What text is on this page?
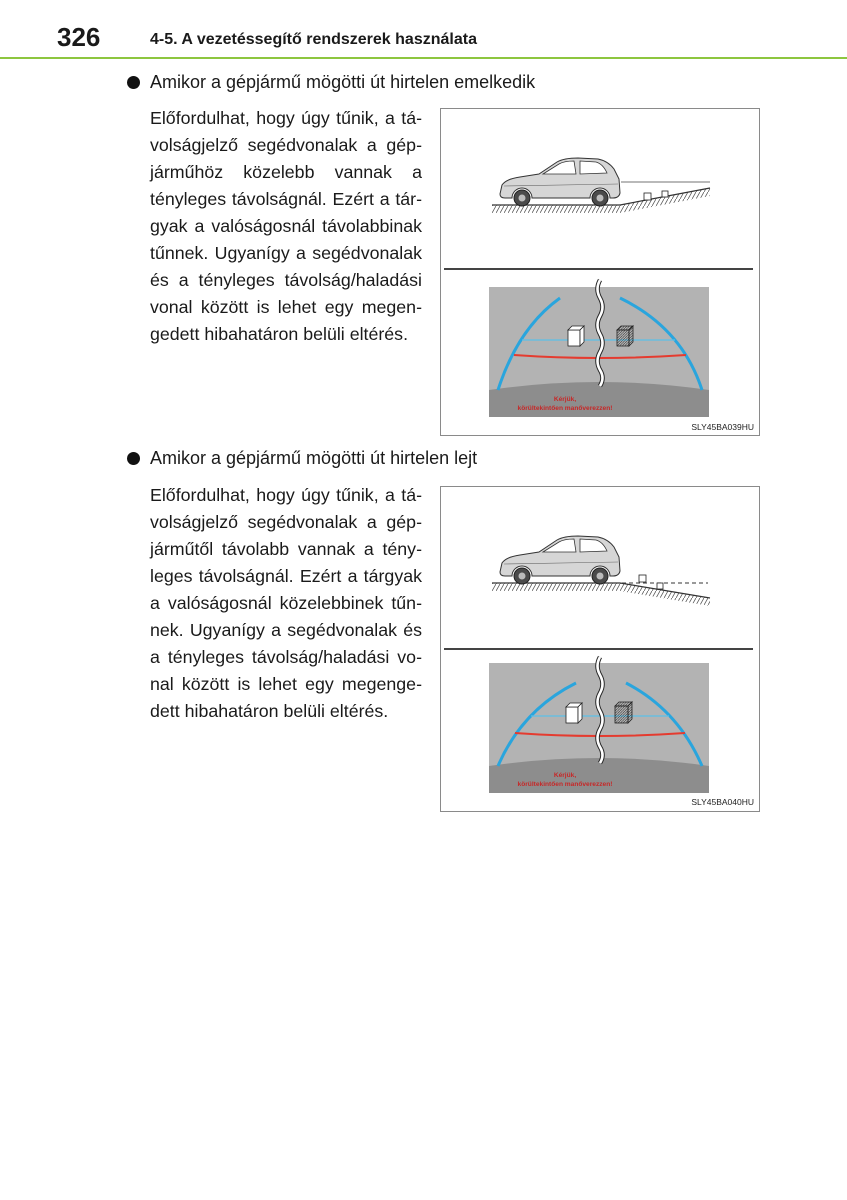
326	4-5. A vezetéssegítő rendszerek használata
Amikor a gépjármű mögötti út hirtelen emelkedik
Előfordulhat, hogy úgy tűnik, a tá-
volságjelző segédvonalak a gép-
járműhöz közelebb vannak a
tényleges távolságnál. Ezért a tár-
gyak a valóságosnál távolabbinak
tűnnek. Ugyanígy a segédvonalak
és a tényleges távolság/haladási
vonal között is lehet egy megen-
gedett hibahatáron belüli eltérés.
Kérjük,
körültekintően manőverezzen!
SLY45BA039HU
Amikor a gépjármű mögötti út hirtelen lejt
Előfordulhat, hogy úgy tűnik, a tá-
volságjelző segédvonalak a gép-
járműtől távolabb vannak a tény-
leges távolságnál. Ezért a tárgyak
a valóságosnál közelebbinek tűn-
nek. Ugyanígy a segédvonalak és
a tényleges távolság/haladási vo-
nal között is lehet egy megenge-
dett hibahatáron belüli eltérés.
Kérjük,
körültekintően manőverezzen!
SLY45BA040HU
